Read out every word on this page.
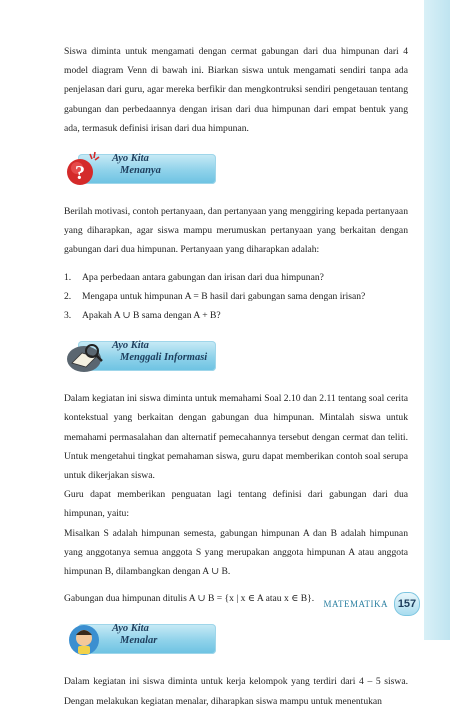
Siswa diminta untuk mengamati dengan cermat gabungan dari dua himpunan dari 4 model diagram Venn di bawah ini. Biarkan siswa untuk mengamati sendiri tanpa ada penjelasan dari guru, agar mereka berfikir dan mengkontruksi sendiri pengetauan tentang gabungan dan perbedaannya dengan irisan dari dua himpunan dari empat bentuk yang ada, termasuk definisi irisan dari dua himpunan.

?
Ayo Kita
Menanya

Berilah motivasi, contoh pertanyaan, dan pertanyaan yang menggiring kepada pertanyaan yang diharapkan, agar siswa mampu merumuskan pertanyaan yang berkaitan dengan gabungan dari dua himpunan. Pertanyaan yang diharapkan adalah:

1.	Apa perbedaan antara gabungan dan irisan dari dua himpunan?
2.	Mengapa untuk himpunan A = B hasil dari gabungan sama dengan irisan?
3.	Apakah A ∪ B sama dengan A + B?
Ayo Kita
Menggali Informasi

Dalam kegiatan ini siswa diminta untuk memahami Soal 2.10 dan 2.11 tentang soal cerita kontekstual yang berkaitan dengan gabungan dua himpunan. Mintalah siswa untuk memahami permasalahan dan alternatif pemecahannya tersebut dengan cermat dan teliti. Untuk mengetahui tingkat pemahaman siswa, guru dapat memberikan contoh soal serupa untuk dikerjakan siswa.

Guru dapat memberikan penguatan lagi tentang definisi dari gabungan dari dua himpunan, yaitu:

Misalkan S adalah himpunan semesta, gabungan himpunan A dan B adalah himpunan yang anggotanya semua anggota S yang merupakan anggota himpunan A atau anggota himpunan B, dilambangkan dengan A ∪ B.

Gabungan dua himpunan ditulis A ∪ B = {x | x ∈ A atau x ∈ B}.

Ayo Kita
Menalar

Dalam kegiatan ini siswa diminta untuk kerja kelompok yang terdiri dari 4 – 5 siswa. Dengan melakukan kegiatan menalar, diharapkan siswa mampu untuk menentukan

MATEMATIKA 157
